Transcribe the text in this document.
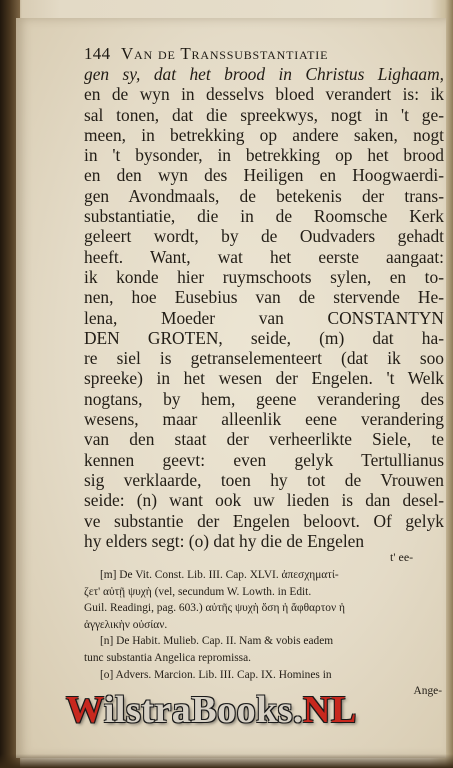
144 Van de Transsubstantiatie
gen sy, dat het brood in Christus Lighaam,
en de wyn in desselvs bloed verandert is: ik
sal tonen, dat die spreekwys, nogt in 't ge-
meen, in betrekking op andere saken, nogt
in 't bysonder, in betrekking op het brood
en den wyn des Heiligen en Hoogwaerdi-
gen Avondmaals, de betekenis der trans-
substantiatie, die in de Roomsche Kerk
geleert wordt, by de Oudvaders gehadt
heeft. Want, wat het eerste aangaat:
ik konde hier ruymschoots sylen, en to-
nen, hoe Eusebius van de stervende He-
lena, Moeder van CONSTANTYN
DEN GROTEN, seide, (m) dat ha-
re siel is getranselementeert (dat ik soo
spreeke) in het wesen der Engelen. 't Welk
nogtans, by hem, geene verandering des
wesens, maar alleenlik eene verandering
van den staat der verheerlikte Siele, te
kennen geevt: even gelyk Tertullianus
sig verklaarde, toen hy tot de Vrouwen
seide: (n) want ook uw lieden is dan desel-
ve substantie der Engelen beloovt. Of gelyk
hy elders segt: (o) dat hy die de Engelen
t' ee-
[m] De Vit. Const. Lib. III. Cap. XLVI. ἀπεσχηματί-
ζετ' αὐτῇ ψυχὴ (vel, secundum W. Lowth. in Edit.
Guil. Readingi, pag. 603.) αὐτῆς ψυχὴ ὅση ἡ ἄφθαρτον ἡ
ἀγγελικὴν οὐσίαν.
[n] De Habit. Mulieb. Cap. II. Nam & vobis eadem
tunc substantia Angelica repromissa.
[o] Advers. Marcion. Lib. III. Cap. IX. Homines in
Ange-
WilstraBooks.NL
